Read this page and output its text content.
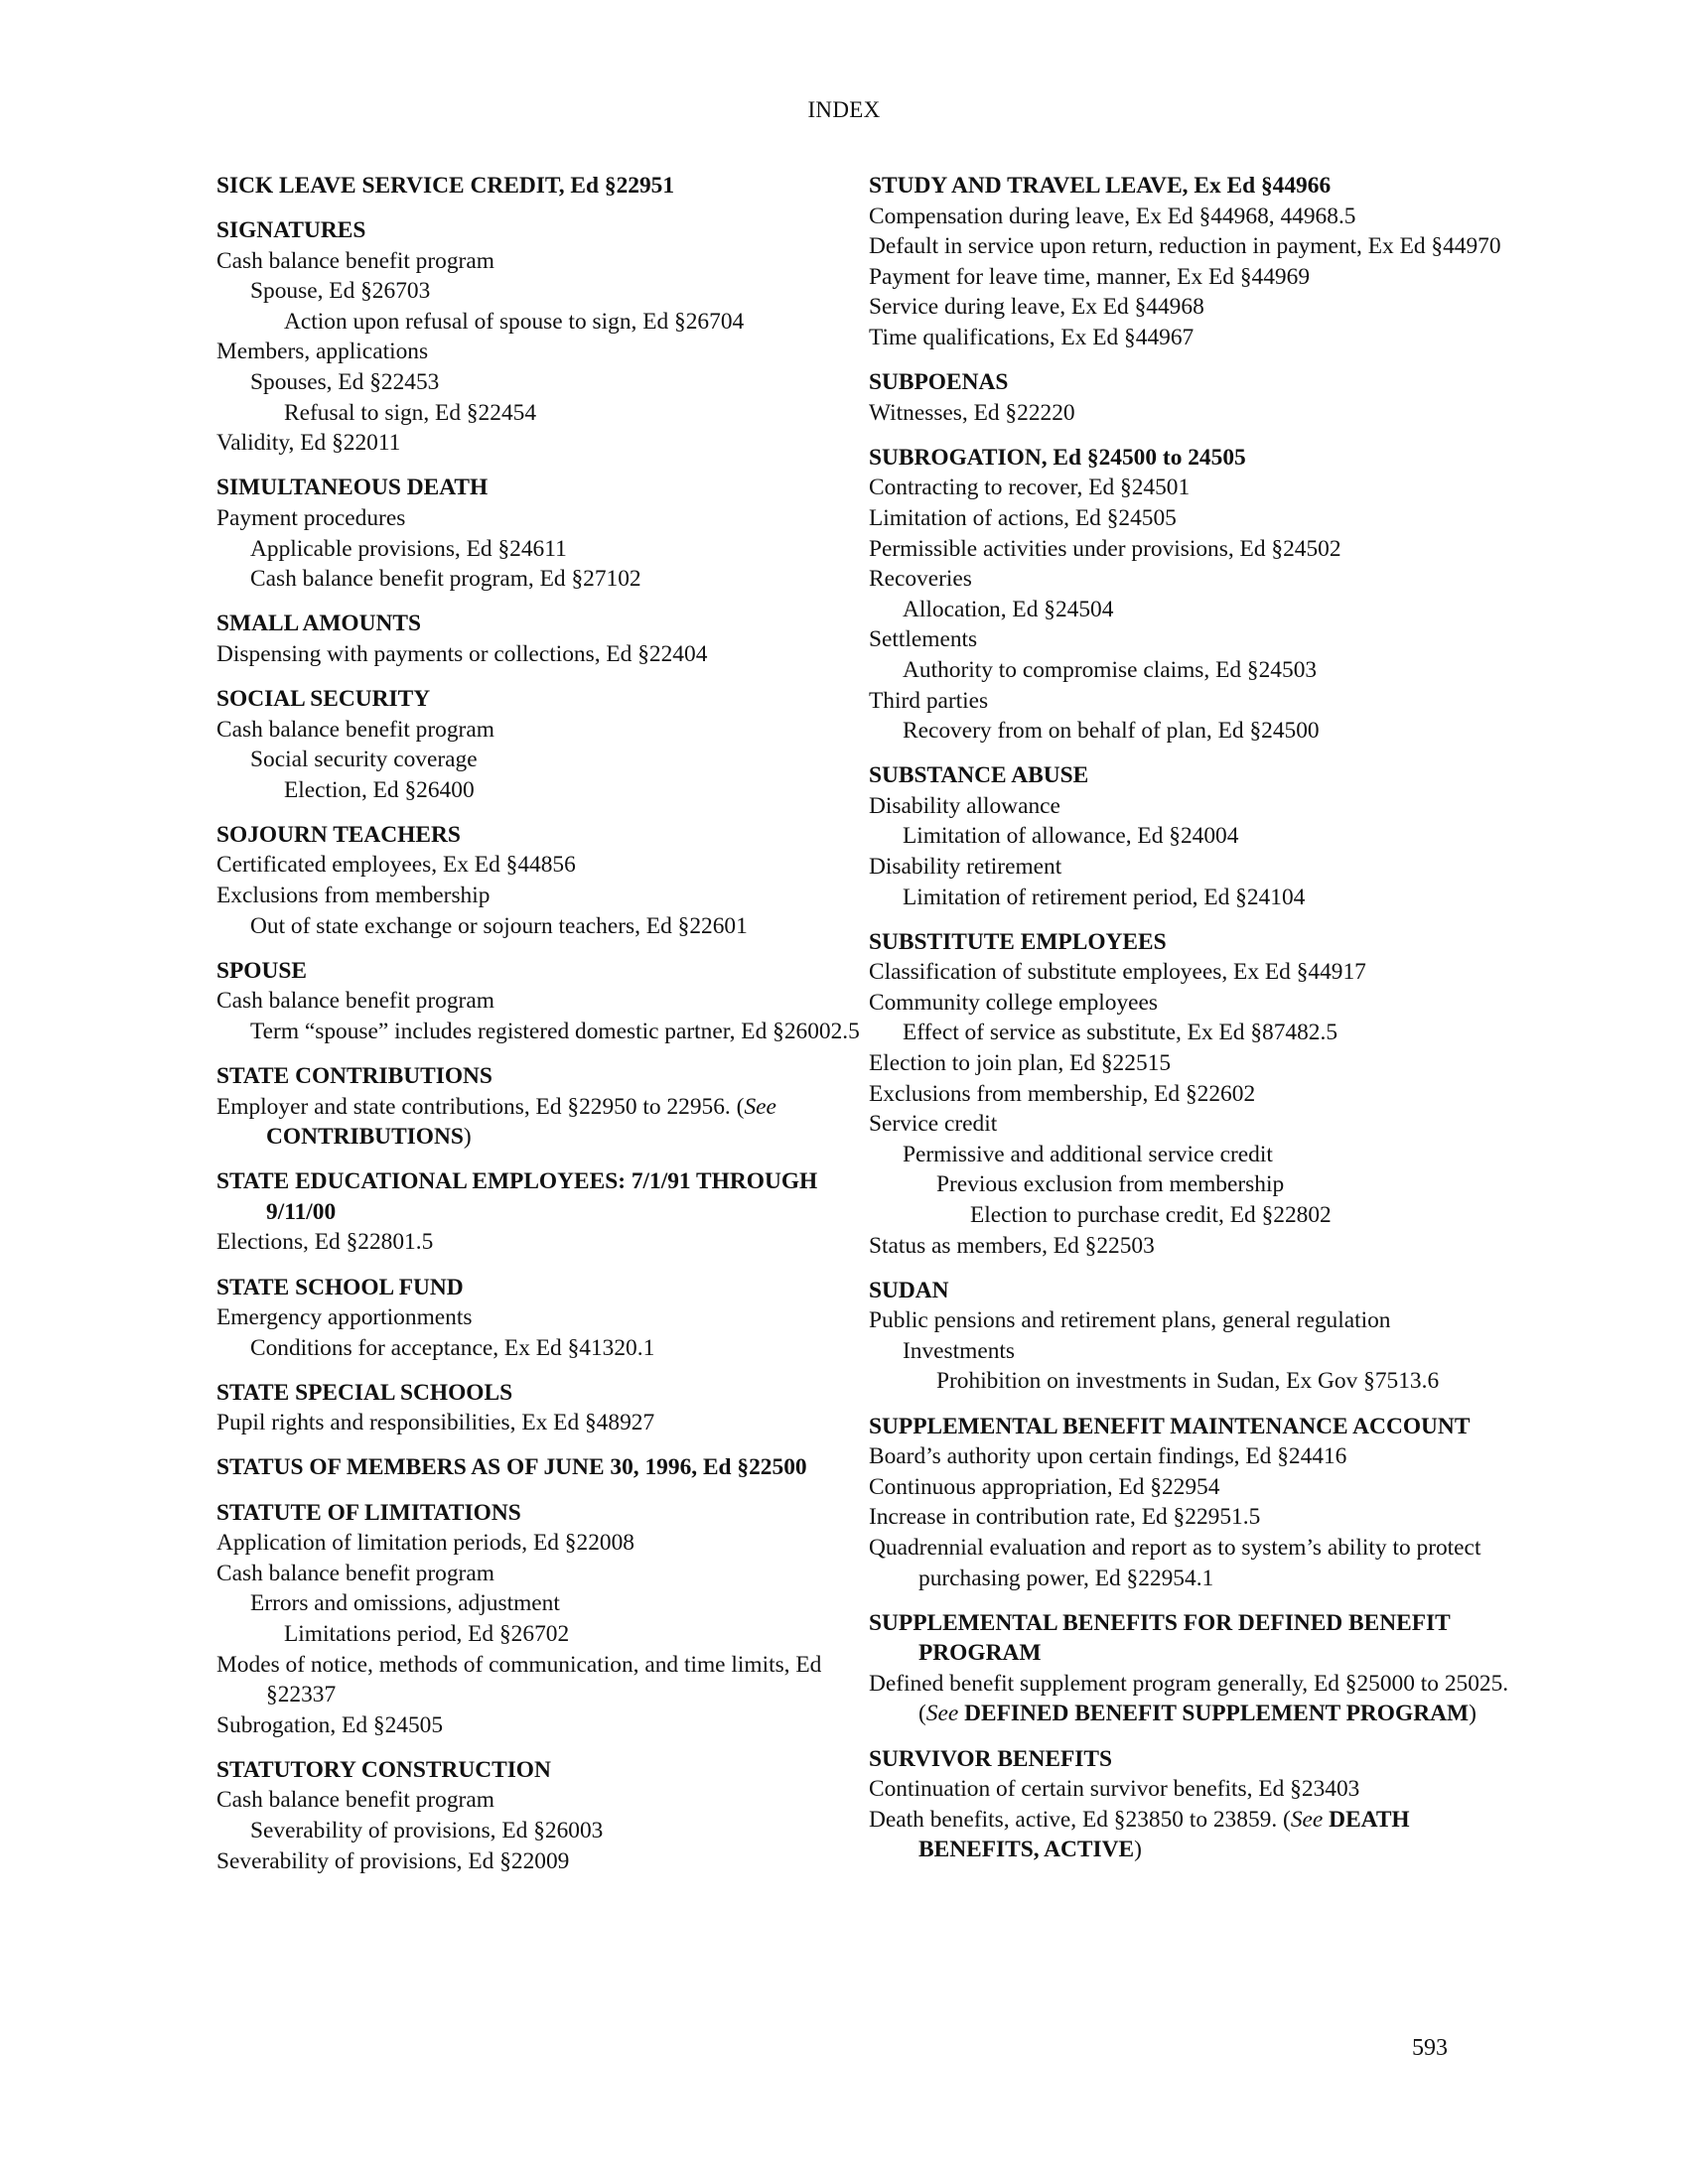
INDEX
SICK LEAVE SERVICE CREDIT, Ed §22951
SIGNATURES
Cash balance benefit program
Spouse, Ed §26703
Action upon refusal of spouse to sign, Ed §26704
Members, applications
Spouses, Ed §22453
Refusal to sign, Ed §22454
Validity, Ed §22011
SIMULTANEOUS DEATH
Payment procedures
Applicable provisions, Ed §24611
Cash balance benefit program, Ed §27102
SMALL AMOUNTS
Dispensing with payments or collections, Ed §22404
SOCIAL SECURITY
Cash balance benefit program
Social security coverage
Election, Ed §26400
SOJOURN TEACHERS
Certificated employees, Ex Ed §44856
Exclusions from membership
Out of state exchange or sojourn teachers, Ed §22601
SPOUSE
Cash balance benefit program
Term “spouse” includes registered domestic partner, Ed §26002.5
STATE CONTRIBUTIONS
Employer and state contributions, Ed §22950 to 22956. (See CONTRIBUTIONS)
STATE EDUCATIONAL EMPLOYEES: 7/1/91 THROUGH 9/11/00
Elections, Ed §22801.5
STATE SCHOOL FUND
Emergency apportionments
Conditions for acceptance, Ex Ed §41320.1
STATE SPECIAL SCHOOLS
Pupil rights and responsibilities, Ex Ed §48927
STATUS OF MEMBERS AS OF JUNE 30, 1996, Ed §22500
STATUTE OF LIMITATIONS
Application of limitation periods, Ed §22008
Cash balance benefit program
Errors and omissions, adjustment
Limitations period, Ed §26702
Modes of notice, methods of communication, and time limits, Ed §22337
Subrogation, Ed §24505
STATUTORY CONSTRUCTION
Cash balance benefit program
Severability of provisions, Ed §26003
Severability of provisions, Ed §22009
STUDY AND TRAVEL LEAVE, Ex Ed §44966
Compensation during leave, Ex Ed §44968, 44968.5
Default in service upon return, reduction in payment, Ex Ed §44970
Payment for leave time, manner, Ex Ed §44969
Service during leave, Ex Ed §44968
Time qualifications, Ex Ed §44967
SUBPOENAS
Witnesses, Ed §22220
SUBROGATION, Ed §24500 to 24505
Contracting to recover, Ed §24501
Limitation of actions, Ed §24505
Permissible activities under provisions, Ed §24502
Recoveries
Allocation, Ed §24504
Settlements
Authority to compromise claims, Ed §24503
Third parties
Recovery from on behalf of plan, Ed §24500
SUBSTANCE ABUSE
Disability allowance
Limitation of allowance, Ed §24004
Disability retirement
Limitation of retirement period, Ed §24104
SUBSTITUTE EMPLOYEES
Classification of substitute employees, Ex Ed §44917
Community college employees
Effect of service as substitute, Ex Ed §87482.5
Election to join plan, Ed §22515
Exclusions from membership, Ed §22602
Service credit
Permissive and additional service credit
Previous exclusion from membership
Election to purchase credit, Ed §22802
Status as members, Ed §22503
SUDAN
Public pensions and retirement plans, general regulation
Investments
Prohibition on investments in Sudan, Ex Gov §7513.6
SUPPLEMENTAL BENEFIT MAINTENANCE ACCOUNT
Board’s authority upon certain findings, Ed §24416
Continuous appropriation, Ed §22954
Increase in contribution rate, Ed §22951.5
Quadrennial evaluation and report as to system’s ability to protect purchasing power, Ed §22954.1
SUPPLEMENTAL BENEFITS FOR DEFINED BENEFIT PROGRAM
Defined benefit supplement program generally, Ed §25000 to 25025. (See DEFINED BENEFIT SUPPLEMENT PROGRAM)
SURVIVOR BENEFITS
Continuation of certain survivor benefits, Ed §23403
Death benefits, active, Ed §23850 to 23859. (See DEATH BENEFITS, ACTIVE)
593
